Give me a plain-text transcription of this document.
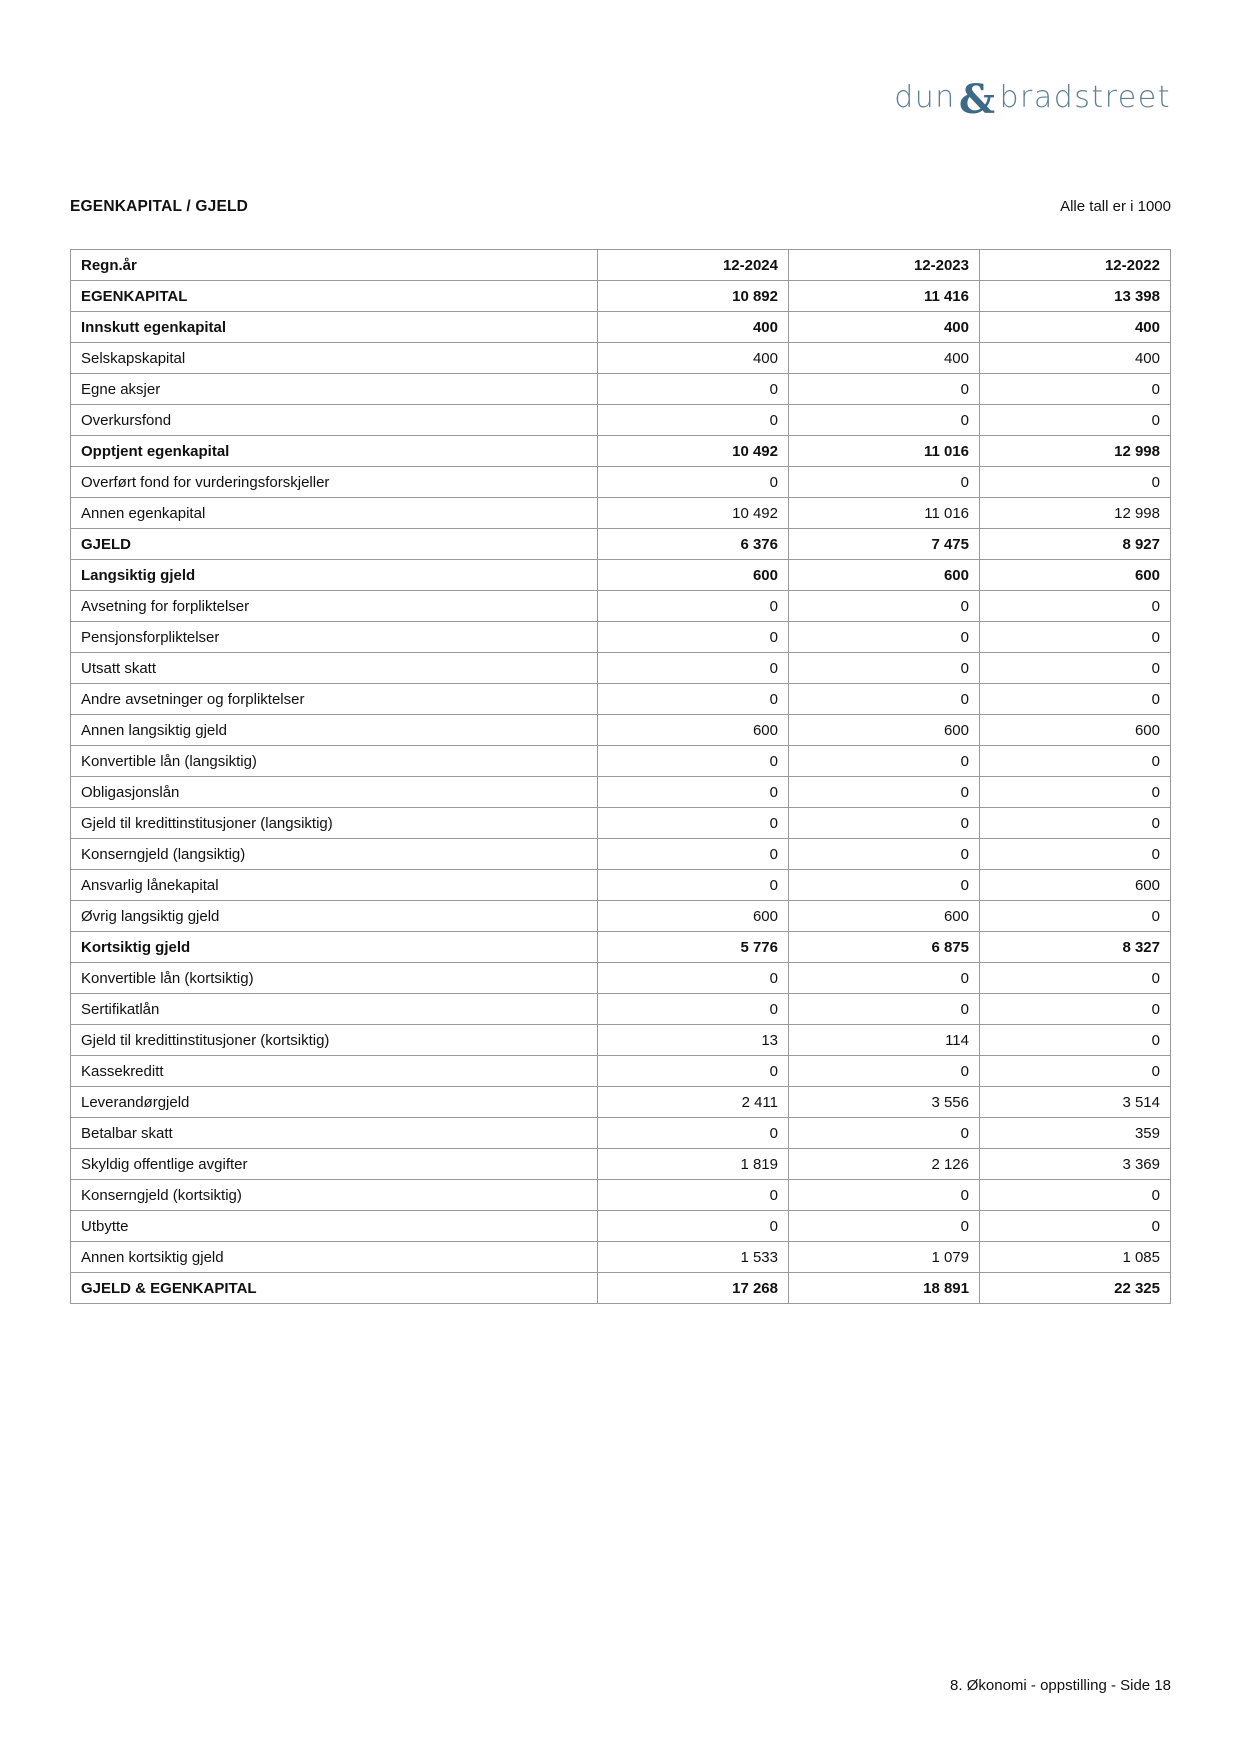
dun & bradstreet
EGENKAPITAL / GJELD	Alle tall er i 1000
Regn.år	12-2024	12-2023	12-2022
EGENKAPITAL	10 892	11 416	13 398
Innskutt egenkapital	400	400	400
Selskapskapital	400	400	400
Egne aksjer	0	0	0
Overkursfond	0	0	0
Opptjent egenkapital	10 492	11 016	12 998
Overført fond for vurderingsforskjeller	0	0	0
Annen egenkapital	10 492	11 016	12 998
GJELD	6 376	7 475	8 927
Langsiktig gjeld	600	600	600
Avsetning for forpliktelser	0	0	0
Pensjonsforpliktelser	0	0	0
Utsatt skatt	0	0	0
Andre avsetninger og forpliktelser	0	0	0
Annen langsiktig gjeld	600	600	600
Konvertible lån (langsiktig)	0	0	0
Obligasjonslån	0	0	0
Gjeld til kredittinstitusjoner (langsiktig)	0	0	0
Konserngjeld (langsiktig)	0	0	0
Ansvarlig lånekapital	0	0	600
Øvrig langsiktig gjeld	600	600	0
Kortsiktig gjeld	5 776	6 875	8 327
Konvertible lån (kortsiktig)	0	0	0
Sertifikatlån	0	0	0
Gjeld til kredittinstitusjoner (kortsiktig)	13	114	0
Kassekreditt	0	0	0
Leverandørgjeld	2 411	3 556	3 514
Betalbar skatt	0	0	359
Skyldig offentlige avgifter	1 819	2 126	3 369
Konserngjeld (kortsiktig)	0	0	0
Utbytte	0	0	0
Annen kortsiktig gjeld	1 533	1 079	1 085
GJELD & EGENKAPITAL	17 268	18 891	22 325
8. Økonomi - oppstilling - Side 18
